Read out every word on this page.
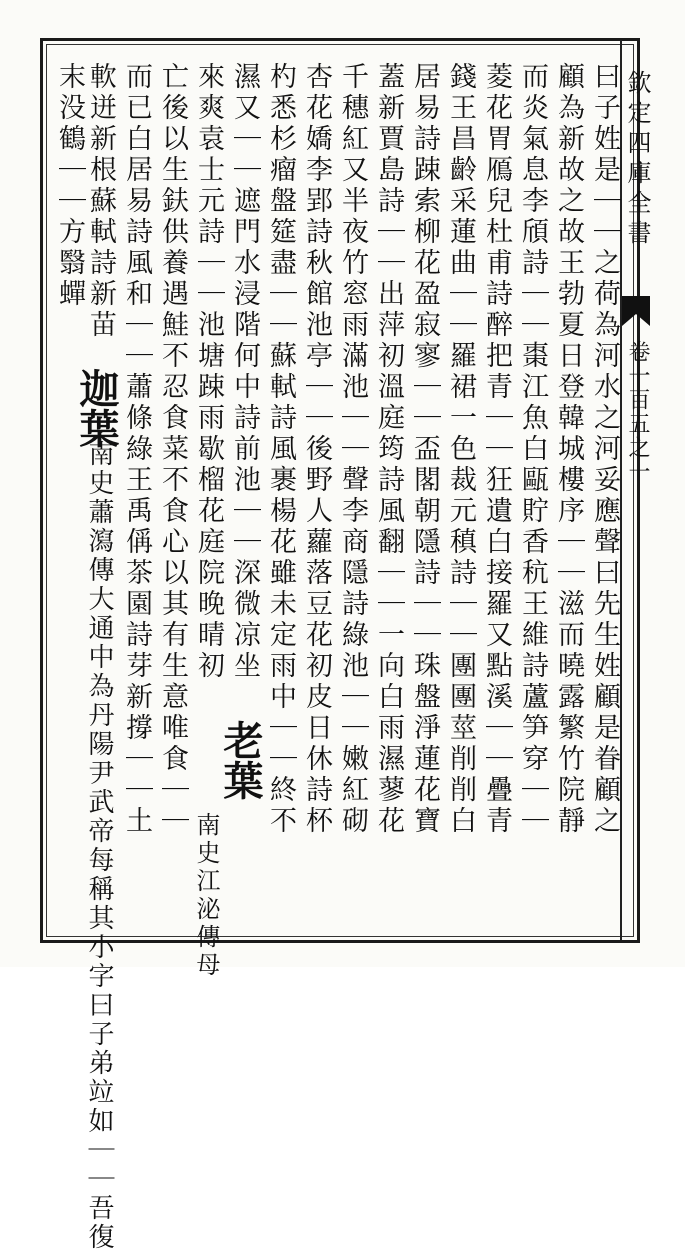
欽定四庫全書
卷一百五之一
曰子姓是｜｜之荷為河水之河妥應聲曰先生姓顧是眷顧之
顧為新故之故王勃夏日登韓城樓序｜｜滋而曉露繁竹院靜
而炎氣息李頎詩｜｜棗江魚白甌貯香秔王維詩蘆笋穿｜｜
菱花胃鴈兒杜甫詩醉把青｜｜狂遺白接羅又點溪｜｜疊青
錢王昌齡采蓮曲｜｜羅裙一色裁元稹詩｜｜團團莖削削白
居易詩踈索柳花盈寂寥｜｜盃閣朝隱詩｜｜珠盤淨蓮花寶
蓋新賈島詩｜｜出萍初溫庭筠詩風翻｜｜一向白雨濕蓼花
千穗紅又半夜竹窓雨滿池｜｜聲李商隱詩綠池｜｜嫩紅砌
杏花嬌李郢詩秋館池亭｜｜後野人蘿落豆花初皮日休詩杯
杓悉杉瘤盤筵盡｜｜蘇軾詩風裹楊花雖未定雨中｜｜終不
濕又｜｜遮門水浸階何中詩前池｜｜深微凉坐
老葉
來爽袁士元詩｜｜池塘踈雨歇榴花庭院晚晴初
南史江泌傳母
亡後以生鈇供養遇鮭不忍食菜不食心以其有生意唯食｜｜
而已白居易詩風和｜｜蕭條綠王禹偁茶園詩芽新撐｜｜土
軟迸新根蘇軾詩新苗
迦葉
南史蕭瀉傳大通中為丹陽尹武帝每稱其小字曰子弟竝如｜｜吾復
末没鶴｜｜方翳蟬
